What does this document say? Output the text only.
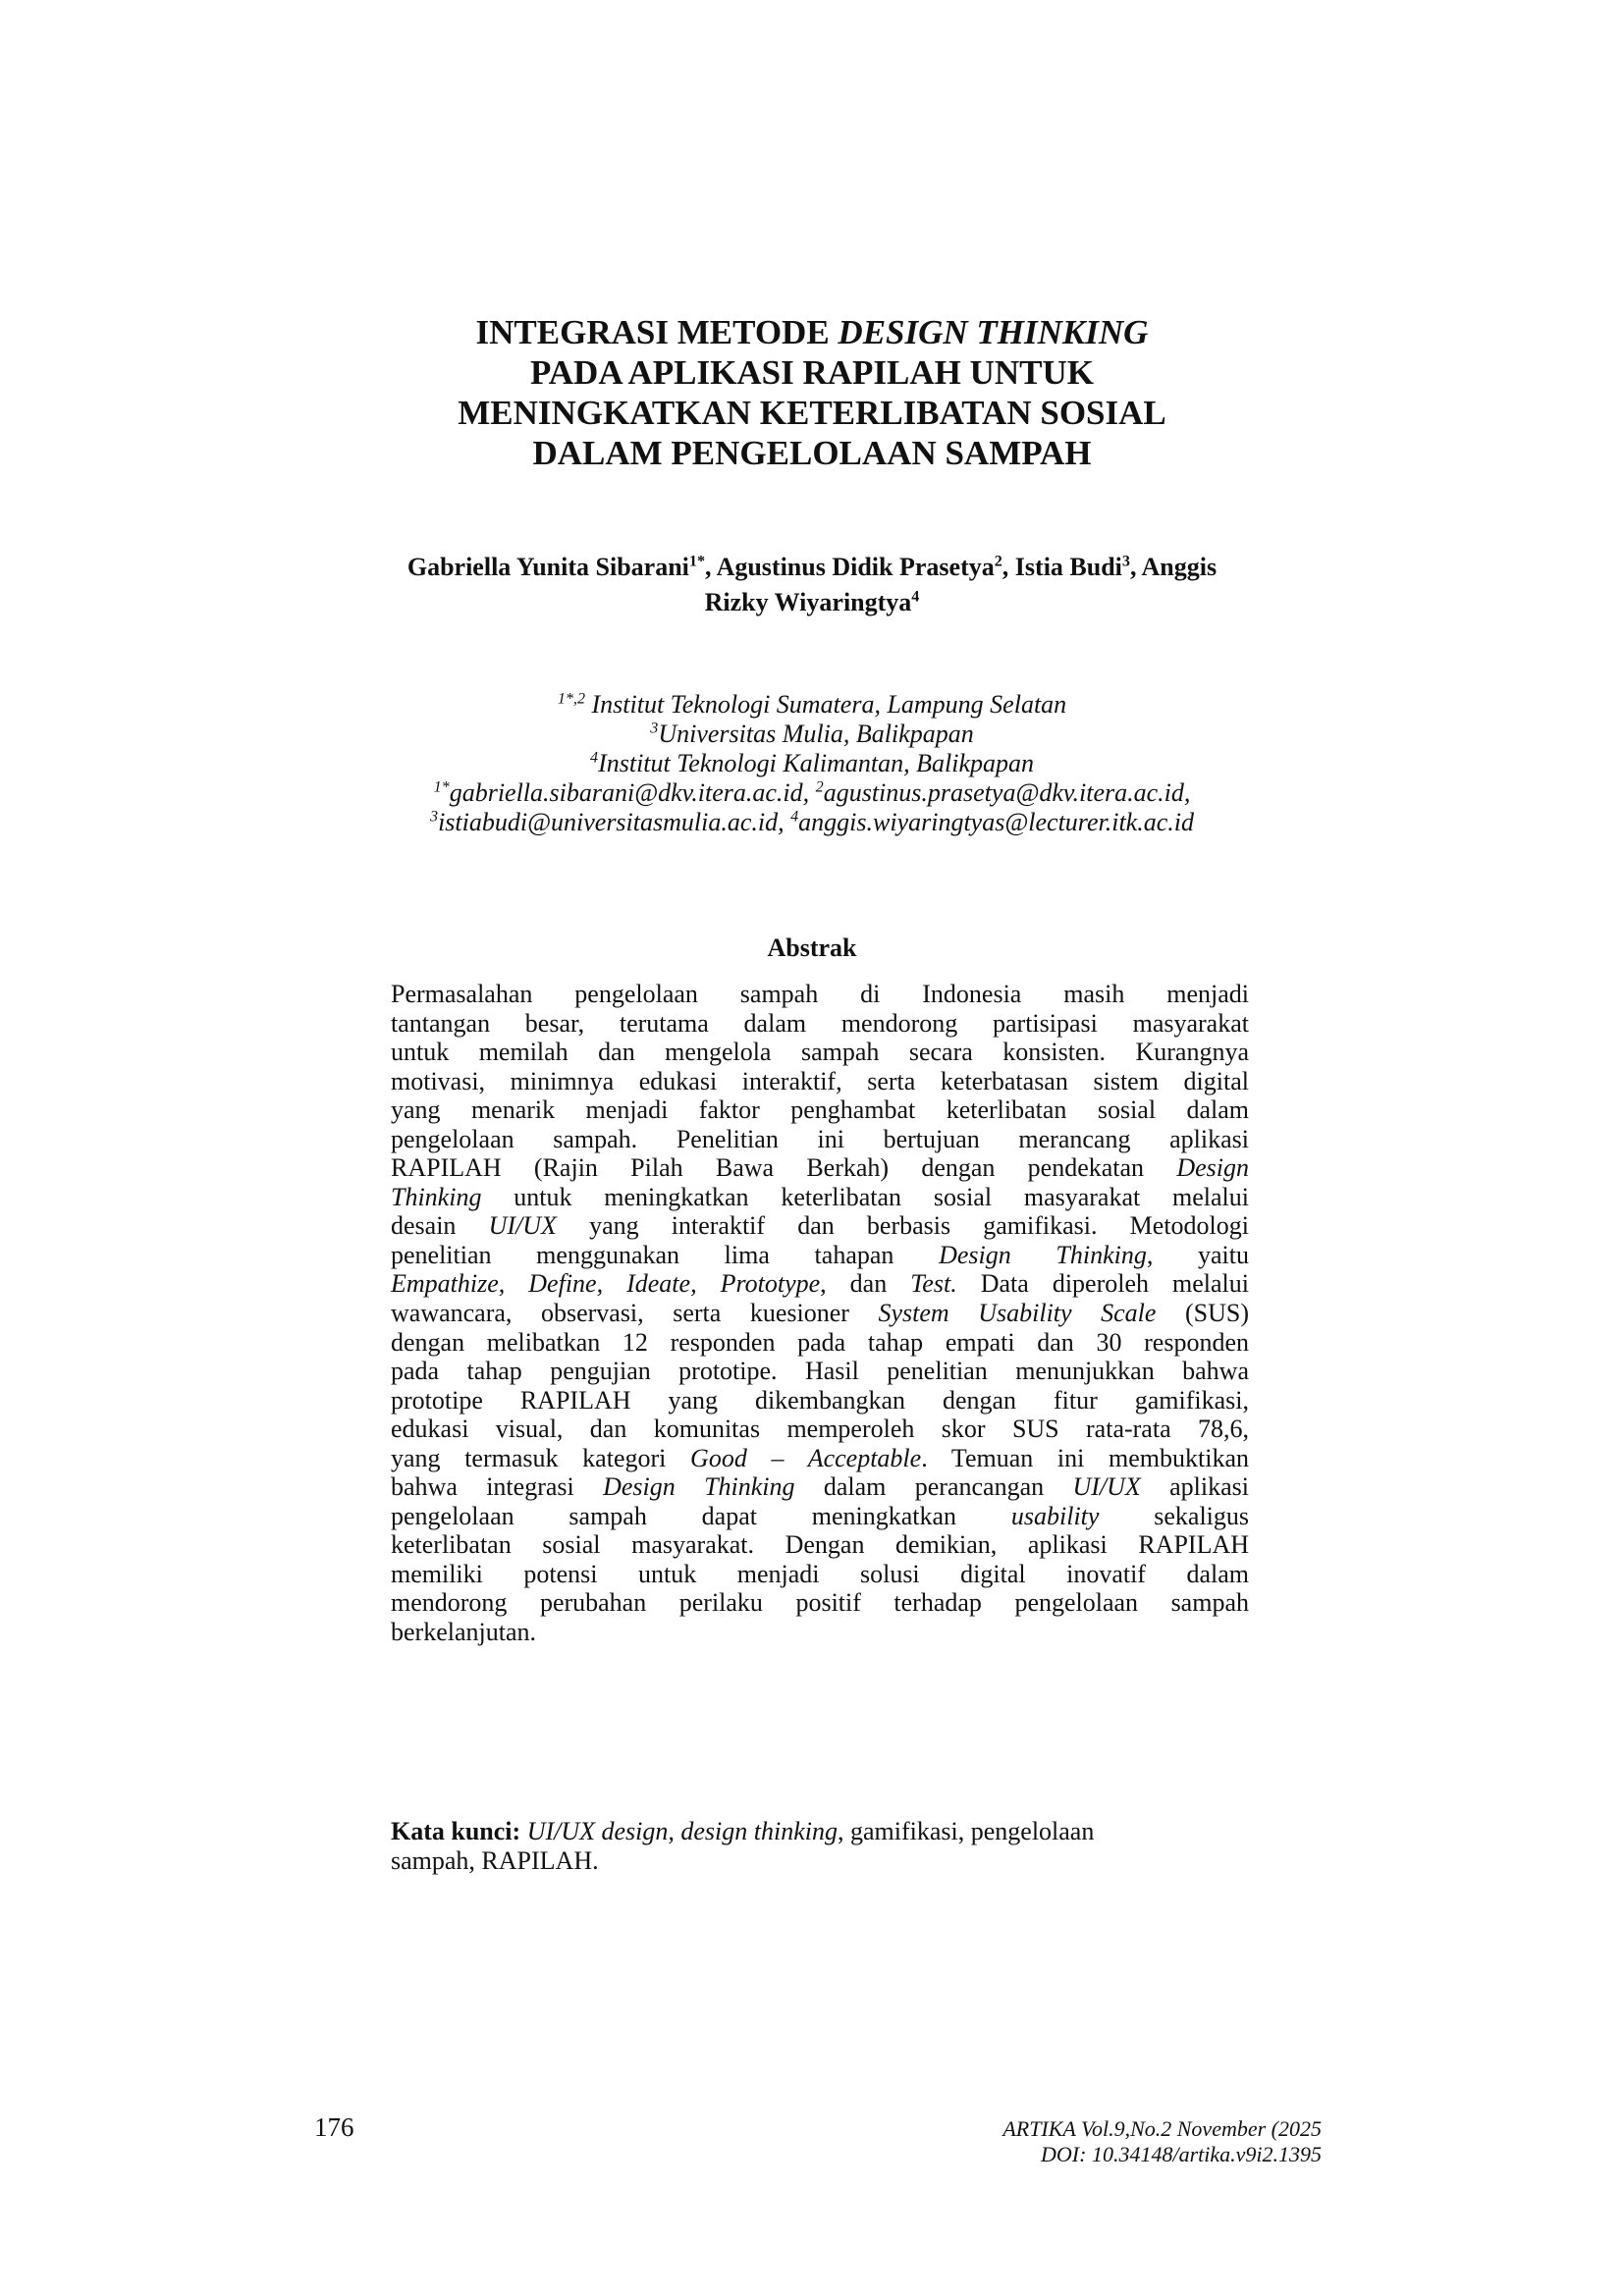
INTEGRASI METODE DESIGN THINKING
PADA APLIKASI RAPILAH UNTUK
MENINGKATKAN KETERLIBATAN SOSIAL
DALAM PENGELOLAAN SAMPAH
Gabriella Yunita Sibarani$^{1*}$, Agustinus Didik Prasetya$^2$, Istia Budi$^3$, Anggis
Rizky Wiyaringtya$^4$
$^{1*,2}$ Institut Teknologi Sumatera, Lampung Selatan
$^3$Universitas Mulia, Balikpapan
$^4$Institut Teknologi Kalimantan, Balikpapan
$^{1*}$gabriella.sibarani@dkv.itera.ac.id, $^2$agustinus.prasetya@dkv.itera.ac.id,
$^3$istiabudi@universitasmulia.ac.id, $^4$anggis.wiyaringtyas@lecturer.itk.ac.id
Abstrak
Permasalahan pengelolaan sampah di Indonesia masih menjadi
tantangan besar, terutama dalam mendorong partisipasi masyarakat
untuk memilah dan mengelola sampah secara konsisten. Kurangnya
motivasi, minimnya edukasi interaktif, serta keterbatasan sistem digital
yang menarik menjadi faktor penghambat keterlibatan sosial dalam
pengelolaan sampah. Penelitian ini bertujuan merancang aplikasi
RAPILAH (Rajin Pilah Bawa Berkah) dengan pendekatan Design
Thinking untuk meningkatkan keterlibatan sosial masyarakat melalui
desain UI/UX yang interaktif dan berbasis gamifikasi. Metodologi
penelitian menggunakan lima tahapan Design Thinking, yaitu
Empathize, Define, Ideate, Prototype, dan Test. Data diperoleh melalui
wawancara, observasi, serta kuesioner System Usability Scale (SUS)
dengan melibatkan 12 responden pada tahap empati dan 30 responden
pada tahap pengujian prototipe. Hasil penelitian menunjukkan bahwa
prototipe RAPILAH yang dikembangkan dengan fitur gamifikasi,
edukasi visual, dan komunitas memperoleh skor SUS rata-rata 78,6,
yang termasuk kategori Good – Acceptable. Temuan ini membuktikan
bahwa integrasi Design Thinking dalam perancangan UI/UX aplikasi
pengelolaan sampah dapat meningkatkan usability sekaligus
keterlibatan sosial masyarakat. Dengan demikian, aplikasi RAPILAH
memiliki potensi untuk menjadi solusi digital inovatif dalam
mendorong perubahan perilaku positif terhadap pengelolaan sampah
berkelanjutan.
Kata kunci: UI/UX design, design thinking, gamifikasi, pengelolaan
sampah, RAPILAH.
176	ARTIKA Vol.9,No.2 November (2025
DOI: 10.34148/artika.v9i2.1395
